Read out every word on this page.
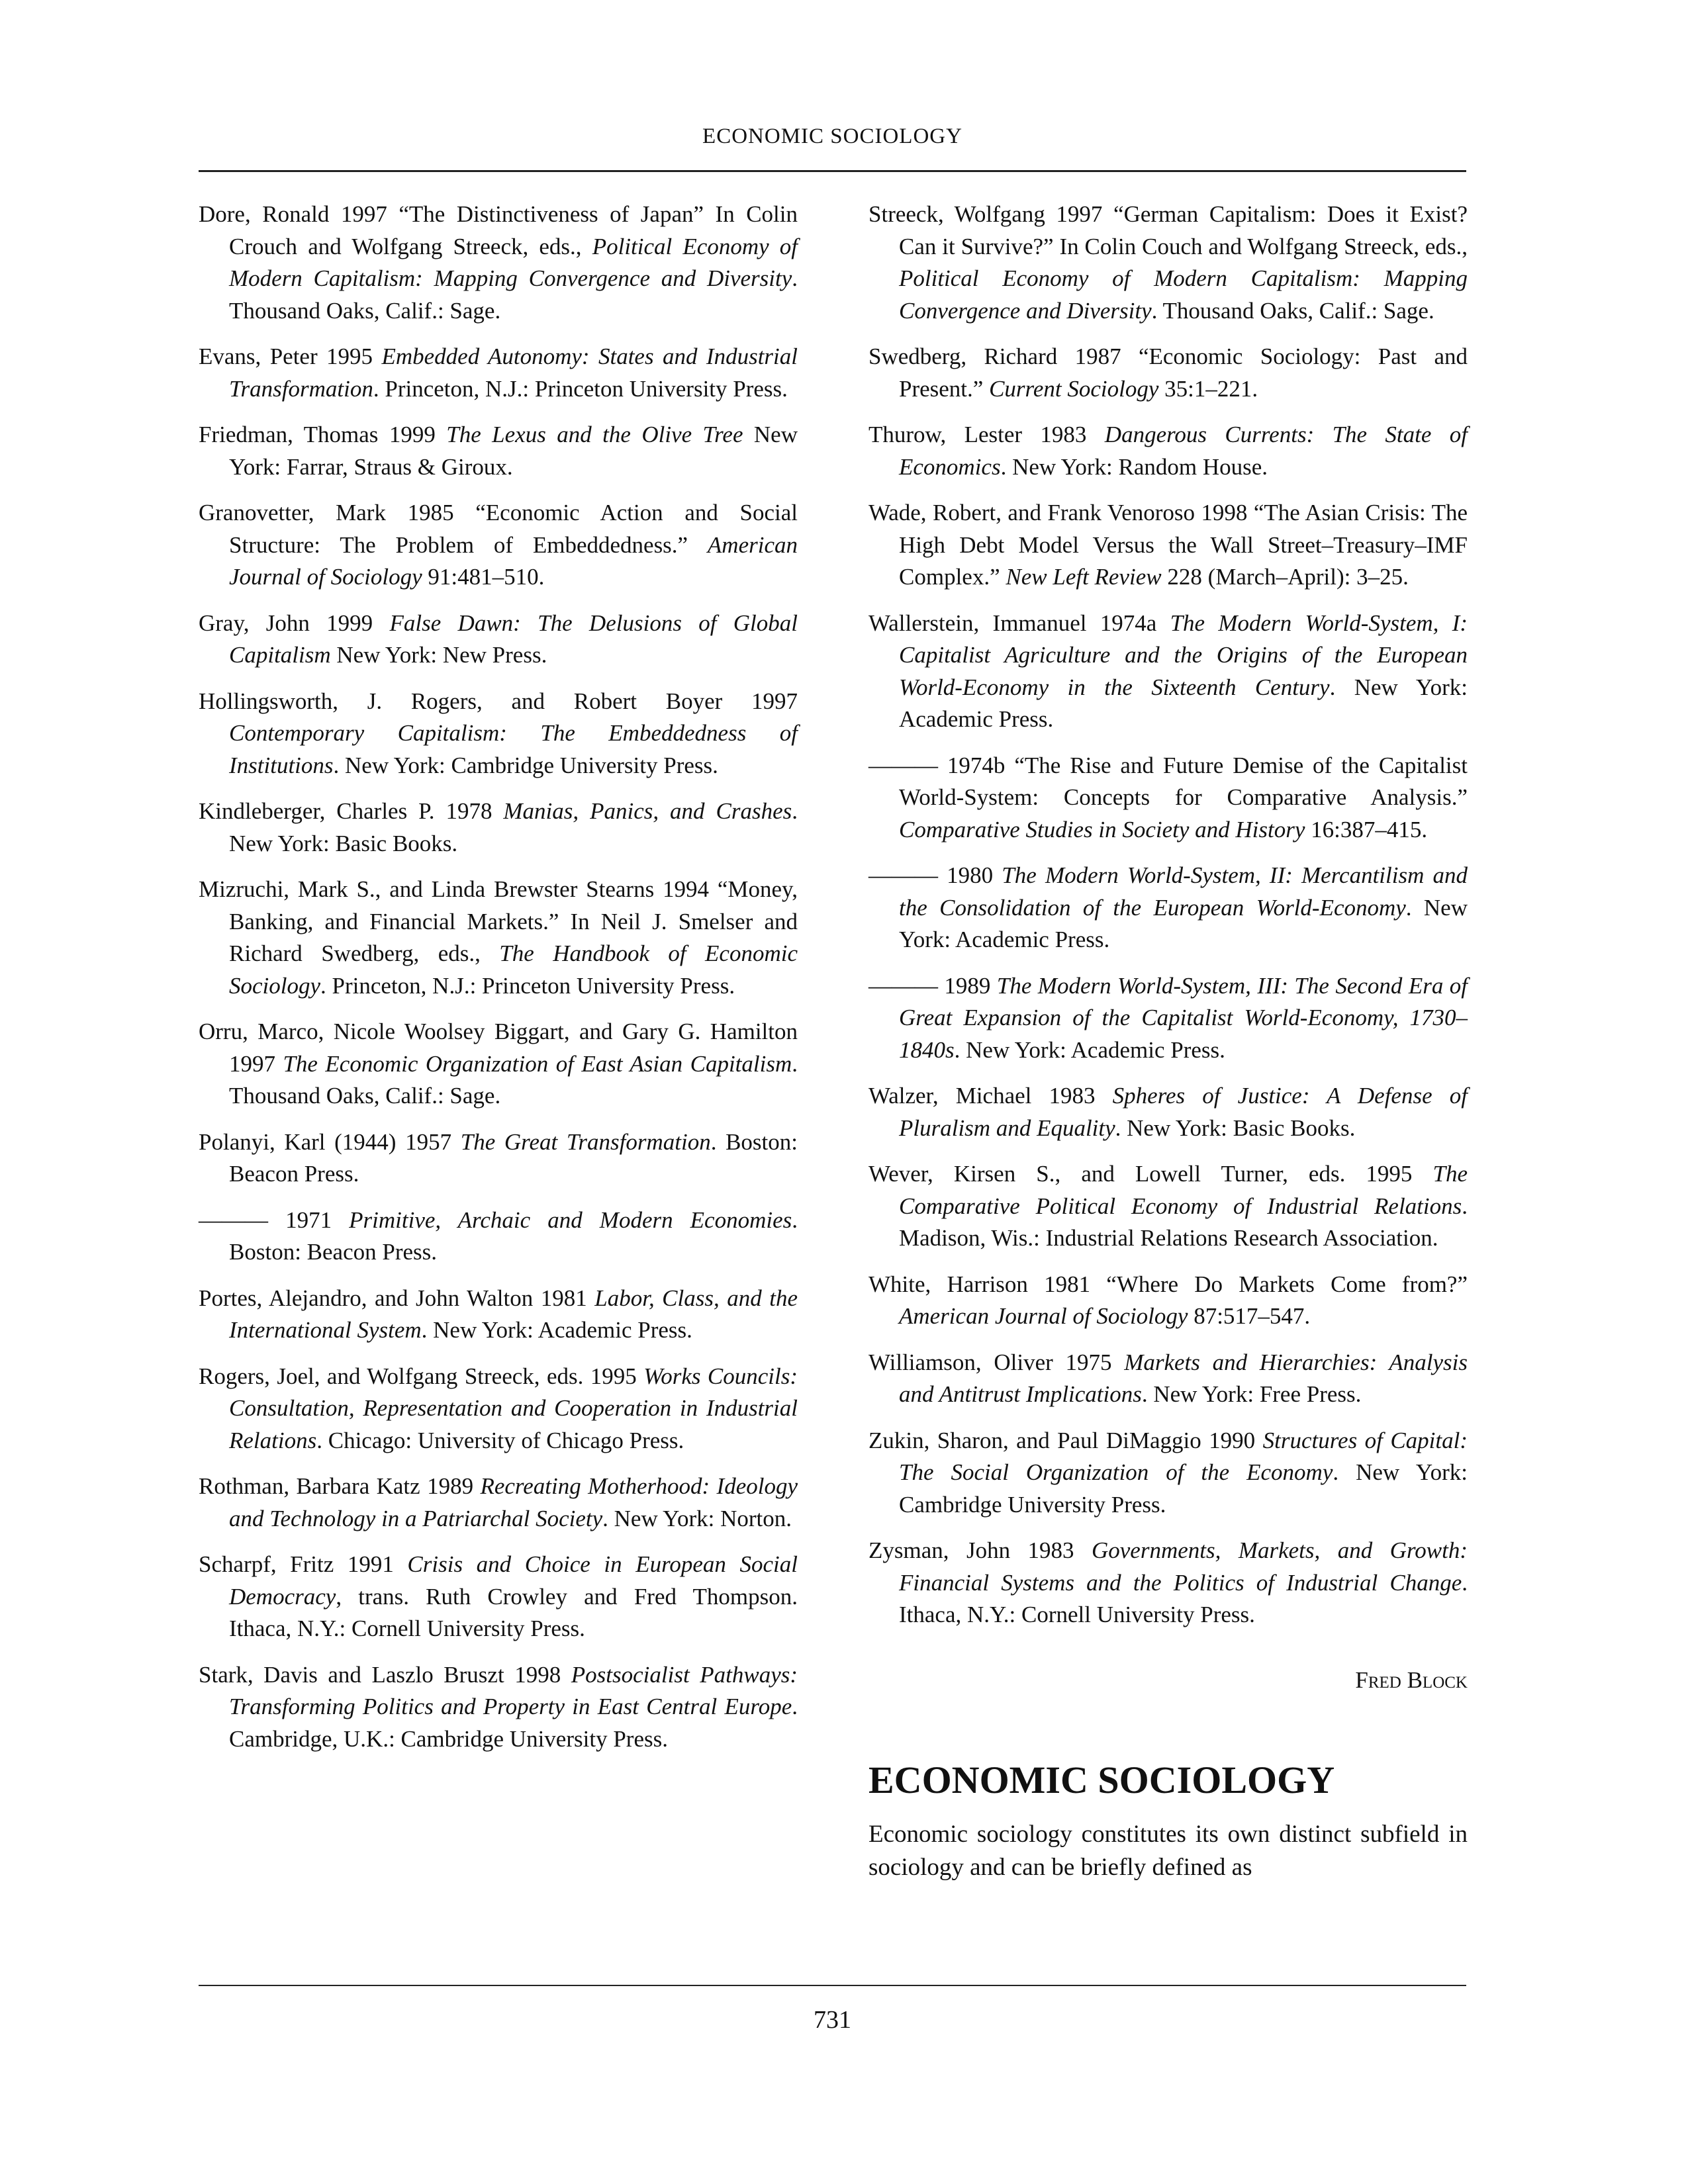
ECONOMIC SOCIOLOGY

Dore, Ronald 1997 “The Distinctiveness of Japan” In Colin Crouch and Wolfgang Streeck, eds., Political Economy of Modern Capitalism: Mapping Convergence and Diversity. Thousand Oaks, Calif.: Sage.

Evans, Peter 1995 Embedded Autonomy: States and Industrial Transformation. Princeton, N.J.: Princeton University Press.

Friedman, Thomas 1999 The Lexus and the Olive Tree New York: Farrar, Straus & Giroux.

Granovetter, Mark 1985 “Economic Action and Social Structure: The Problem of Embeddedness.” American Journal of Sociology 91:481–510.

Gray, John 1999 False Dawn: The Delusions of Global Capitalism New York: New Press.

Hollingsworth, J. Rogers, and Robert Boyer 1997 Contemporary Capitalism: The Embeddedness of Institutions. New York: Cambridge University Press.

Kindleberger, Charles P. 1978 Manias, Panics, and Crashes. New York: Basic Books.

Mizruchi, Mark S., and Linda Brewster Stearns 1994 “Money, Banking, and Financial Markets.” In Neil J. Smelser and Richard Swedberg, eds., The Handbook of Economic Sociology. Princeton, N.J.: Princeton University Press.

Orru, Marco, Nicole Woolsey Biggart, and Gary G. Hamilton 1997 The Economic Organization of East Asian Capitalism. Thousand Oaks, Calif.: Sage.

Polanyi, Karl (1944) 1957 The Great Transformation. Boston: Beacon Press.

——— 1971 Primitive, Archaic and Modern Economies. Boston: Beacon Press.

Portes, Alejandro, and John Walton 1981 Labor, Class, and the International System. New York: Academic Press.

Rogers, Joel, and Wolfgang Streeck, eds. 1995 Works Councils: Consultation, Representation and Cooperation in Industrial Relations. Chicago: University of Chicago Press.

Rothman, Barbara Katz 1989 Recreating Motherhood: Ideology and Technology in a Patriarchal Society. New York: Norton.

Scharpf, Fritz 1991 Crisis and Choice in European Social Democracy, trans. Ruth Crowley and Fred Thompson. Ithaca, N.Y.: Cornell University Press.

Stark, Davis and Laszlo Bruszt 1998 Postsocialist Pathways: Transforming Politics and Property in East Central Europe. Cambridge, U.K.: Cambridge University Press.

Streeck, Wolfgang 1997 “German Capitalism: Does it Exist? Can it Survive?” In Colin Couch and Wolfgang Streeck, eds., Political Economy of Modern Capitalism: Mapping Convergence and Diversity. Thousand Oaks, Calif.: Sage.

Swedberg, Richard 1987 “Economic Sociology: Past and Present.” Current Sociology 35:1–221.

Thurow, Lester 1983 Dangerous Currents: The State of Economics. New York: Random House.

Wade, Robert, and Frank Venoroso 1998 “The Asian Crisis: The High Debt Model Versus the Wall Street–Treasury–IMF Complex.” New Left Review 228 (March–April): 3–25.

Wallerstein, Immanuel 1974a The Modern World-System, I: Capitalist Agriculture and the Origins of the European World-Economy in the Sixteenth Century. New York: Academic Press.

——— 1974b “The Rise and Future Demise of the Capitalist World-System: Concepts for Comparative Analysis.” Comparative Studies in Society and History 16:387–415.

——— 1980 The Modern World-System, II: Mercantilism and the Consolidation of the European World-Economy. New York: Academic Press.

——— 1989 The Modern World-System, III: The Second Era of Great Expansion of the Capitalist World-Economy, 1730–1840s. New York: Academic Press.

Walzer, Michael 1983 Spheres of Justice: A Defense of Pluralism and Equality. New York: Basic Books.

Wever, Kirsen S., and Lowell Turner, eds. 1995 The Comparative Political Economy of Industrial Relations. Madison, Wis.: Industrial Relations Research Association.

White, Harrison 1981 “Where Do Markets Come from?” American Journal of Sociology 87:517–547.

Williamson, Oliver 1975 Markets and Hierarchies: Analysis and Antitrust Implications. New York: Free Press.

Zukin, Sharon, and Paul DiMaggio 1990 Structures of Capital: The Social Organization of the Economy. New York: Cambridge University Press.

Zysman, John 1983 Governments, Markets, and Growth: Financial Systems and the Politics of Industrial Change. Ithaca, N.Y.: Cornell University Press.

Fred Block
ECONOMIC SOCIOLOGY

Economic sociology constitutes its own distinct subfield in sociology and can be briefly defined as

731
